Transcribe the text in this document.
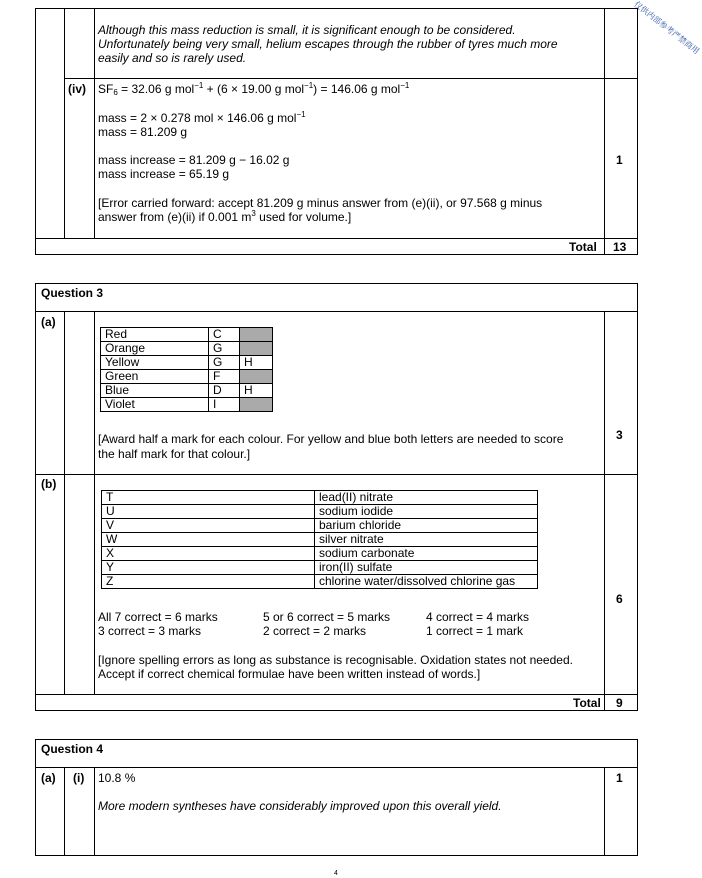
仅供内部参考严禁商用
Although this mass reduction is small, it is significant enough to be considered.
Unfortunately being very small, helium escapes through the rubber of tyres much more
easily and so is rarely used.
(iv) $SF_6 = 32.06$ g mol$^{-1}$ + (6 × 19.00 g mol$^{-1}$) = 146.06 g mol$^{-1}$
mass = 2 × 0.278 mol × 146.06 g mol$^{-1}$
mass = 81.209 g
mass increase = 81.209 g − 16.02 g
mass increase = 65.19 g
1
[Error carried forward: accept 81.209 g minus answer from (e)(ii), or 97.568 g minus
answer from (e)(ii) if 0.001 $m^3$ used for volume.]
Total 13
Question 3
(a)
Red	C	
Orange	G	
Yellow	G	H
Green	F	
Blue	D	H
Violet	I	
[Award half a mark for each colour. For yellow and blue both letters are needed to score
the half mark for that colour.]
3
(b)
T	lead(II) nitrate
U	sodium iodide
V	barium chloride
W	silver nitrate
X	sodium carbonate
Y	iron(II) sulfate
Z	chlorine water/dissolved chlorine gas
All 7 correct = 6 marks	5 or 6 correct = 5 marks	4 correct = 4 marks
3 correct = 3 marks	2 correct = 2 marks	1 correct = 1 mark
[Ignore spelling errors as long as substance is recognisable. Oxidation states not needed.
Accept if correct chemical formulae have been written instead of words.]
6
Total 9
Question 4
(a) (i) 10.8 %
More modern syntheses have considerably improved upon this overall yield.
1
4
